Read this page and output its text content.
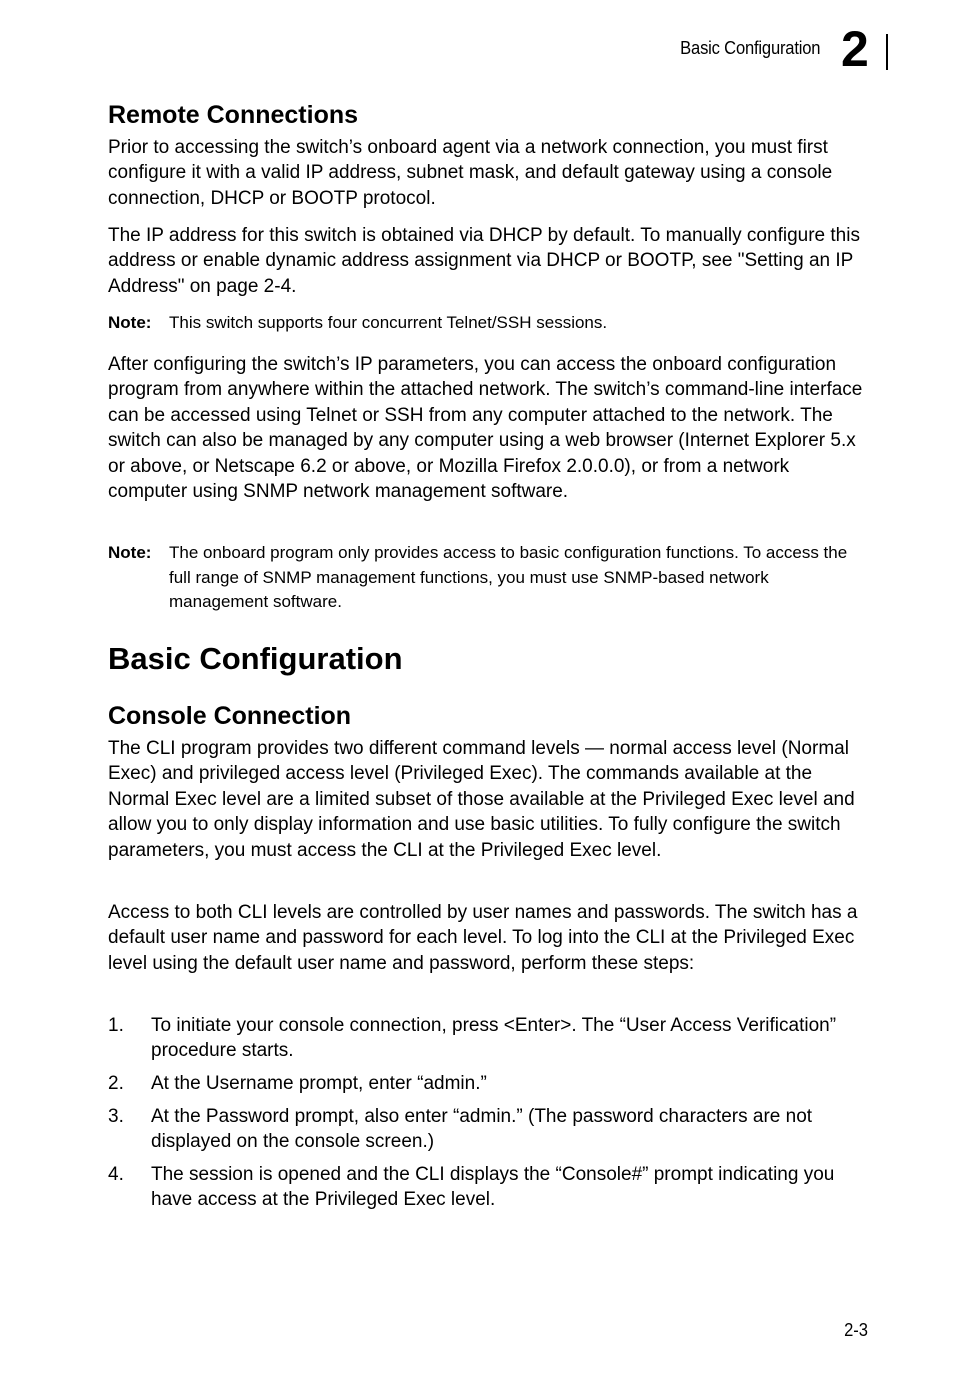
Basic Configuration 2
Remote Connections
Prior to accessing the switch’s onboard agent via a network connection, you must first configure it with a valid IP address, subnet mask, and default gateway using a console connection, DHCP or BOOTP protocol.
The IP address for this switch is obtained via DHCP by default. To manually configure this address or enable dynamic address assignment via DHCP or BOOTP, see "Setting an IP Address" on page 2-4.
Note: This switch supports four concurrent Telnet/SSH sessions.
After configuring the switch’s IP parameters, you can access the onboard configuration program from anywhere within the attached network. The switch’s command-line interface can be accessed using Telnet or SSH from any computer attached to the network. The switch can also be managed by any computer using a web browser (Internet Explorer 5.x or above, or Netscape 6.2 or above, or Mozilla Firefox 2.0.0.0), or from a network computer using SNMP network management software.
Note: The onboard program only provides access to basic configuration functions. To access the full range of SNMP management functions, you must use SNMP-based network management software.
Basic Configuration
Console Connection
The CLI program provides two different command levels — normal access level (Normal Exec) and privileged access level (Privileged Exec). The commands available at the Normal Exec level are a limited subset of those available at the Privileged Exec level and allow you to only display information and use basic utilities. To fully configure the switch parameters, you must access the CLI at the Privileged Exec level.
Access to both CLI levels are controlled by user names and passwords. The switch has a default user name and password for each level. To log into the CLI at the Privileged Exec level using the default user name and password, perform these steps:
1. To initiate your console connection, press <Enter>. The “User Access Verification” procedure starts.
2. At the Username prompt, enter “admin.”
3. At the Password prompt, also enter “admin.” (The password characters are not displayed on the console screen.)
4. The session is opened and the CLI displays the “Console#” prompt indicating you have access at the Privileged Exec level.
2-3
